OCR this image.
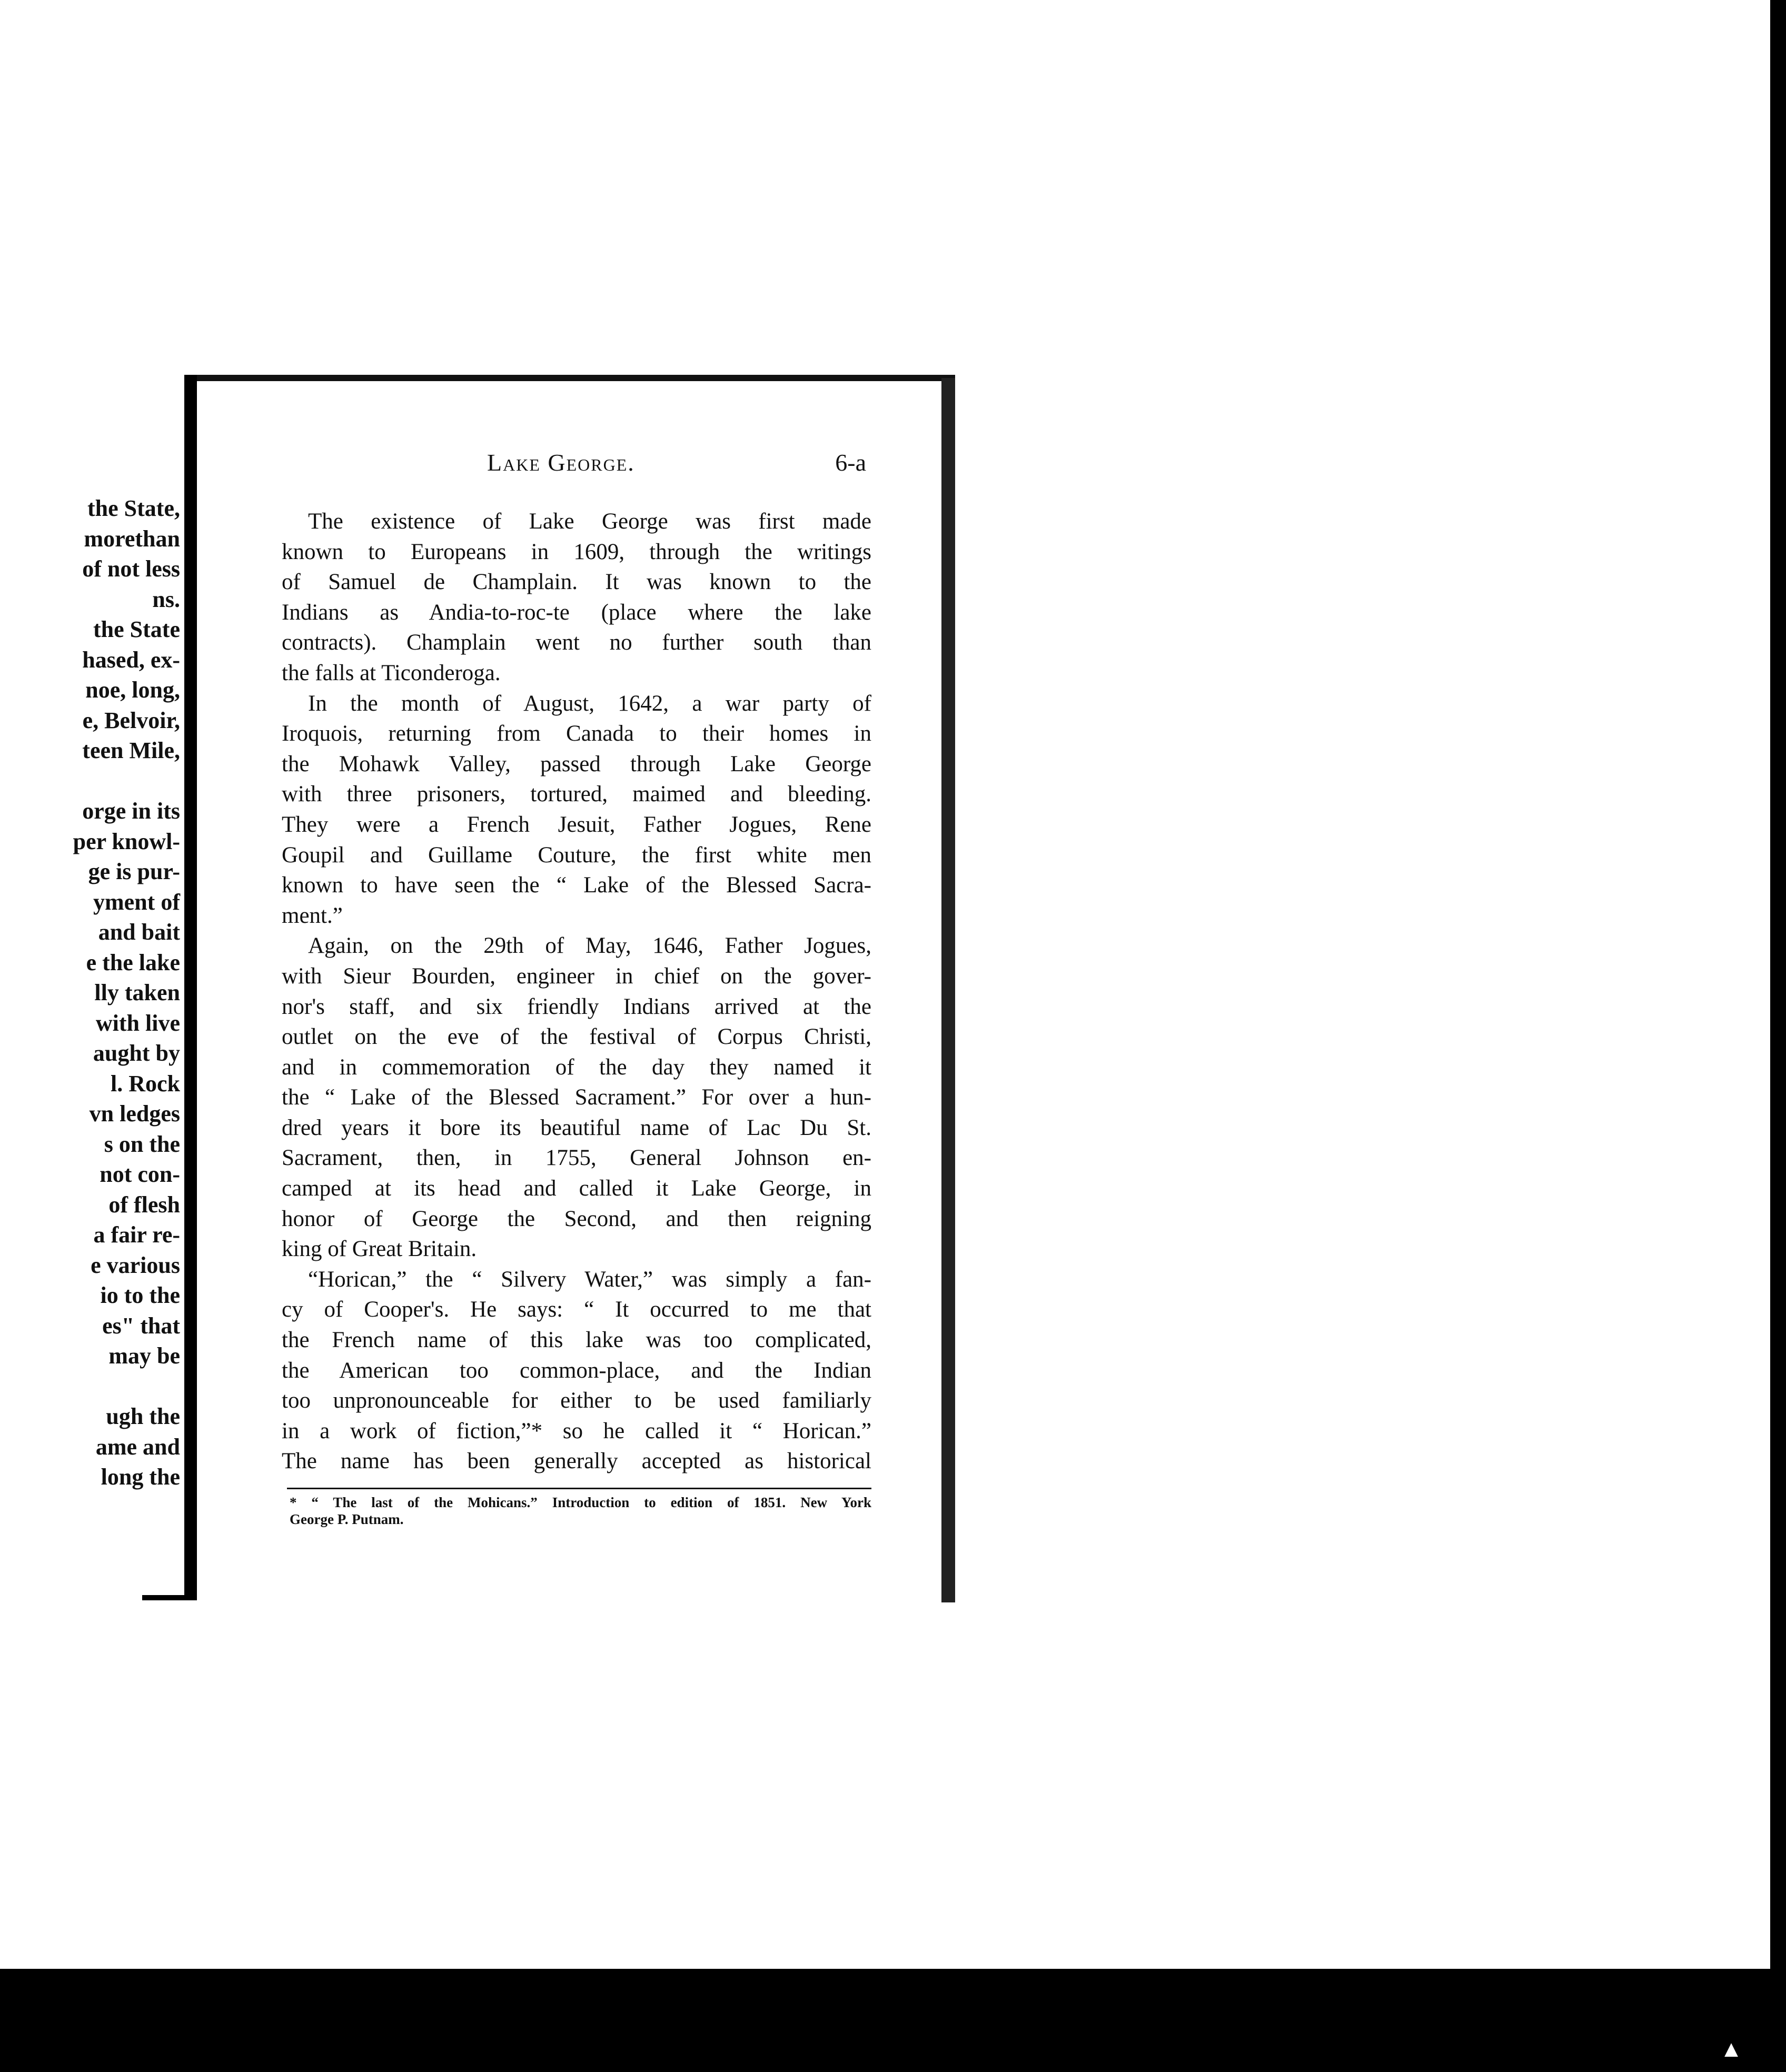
the State,
morethan
of not less
ns.
the State
hased, ex-
noe, long,
e, Belvoir,
teen Mile,
orge in its
per knowl-
ge is pur-
yment of
and bait
e the lake
lly taken
with live
aught by
l. Rock
vn ledges
s on the
not con-
of flesh
a fair re-
e various
io to the
es" that
may be
ugh the
ame and
long the
Lake George.	6-a
The existence of Lake George was first made
known to Europeans in 1609, through the writings
of Samuel de Champlain. It was known to the
Indians as Andia-to-roc-te (place where the lake
contracts). Champlain went no further south than
the falls at Ticonderoga.
In the month of August, 1642, a war party of
Iroquois, returning from Canada to their homes in
the Mohawk Valley, passed through Lake George
with three prisoners, tortured, maimed and bleeding.
They were a French Jesuit, Father Jogues, Rene
Goupil and Guillame Couture, the first white men
known to have seen the “ Lake of the Blessed Sacra-
ment.”
Again, on the 29th of May, 1646, Father Jogues,
with Sieur Bourden, engineer in chief on the gover-
nor's staff, and six friendly Indians arrived at the
outlet on the eve of the festival of Corpus Christi,
and in commemoration of the day they named it
the “ Lake of the Blessed Sacrament.” For over a hun-
dred years it bore its beautiful name of Lac Du St.
Sacrament, then, in 1755, General Johnson en-
camped at its head and called it Lake George, in
honor of George the Second, and then reigning
king of Great Britain.
“Horican,” the “ Silvery Water,” was simply a fan-
cy of Cooper's. He says: “ It occurred to me that
the French name of this lake was too complicated,
the American too common-place, and the Indian
too unpronounceable for either to be used familiarly
in a work of fiction,”* so he called it “ Horican.”
The name has been generally accepted as historical
* “ The last of the Mohicans.” Introduction to edition of 1851. New York
George P. Putnam.
▲
